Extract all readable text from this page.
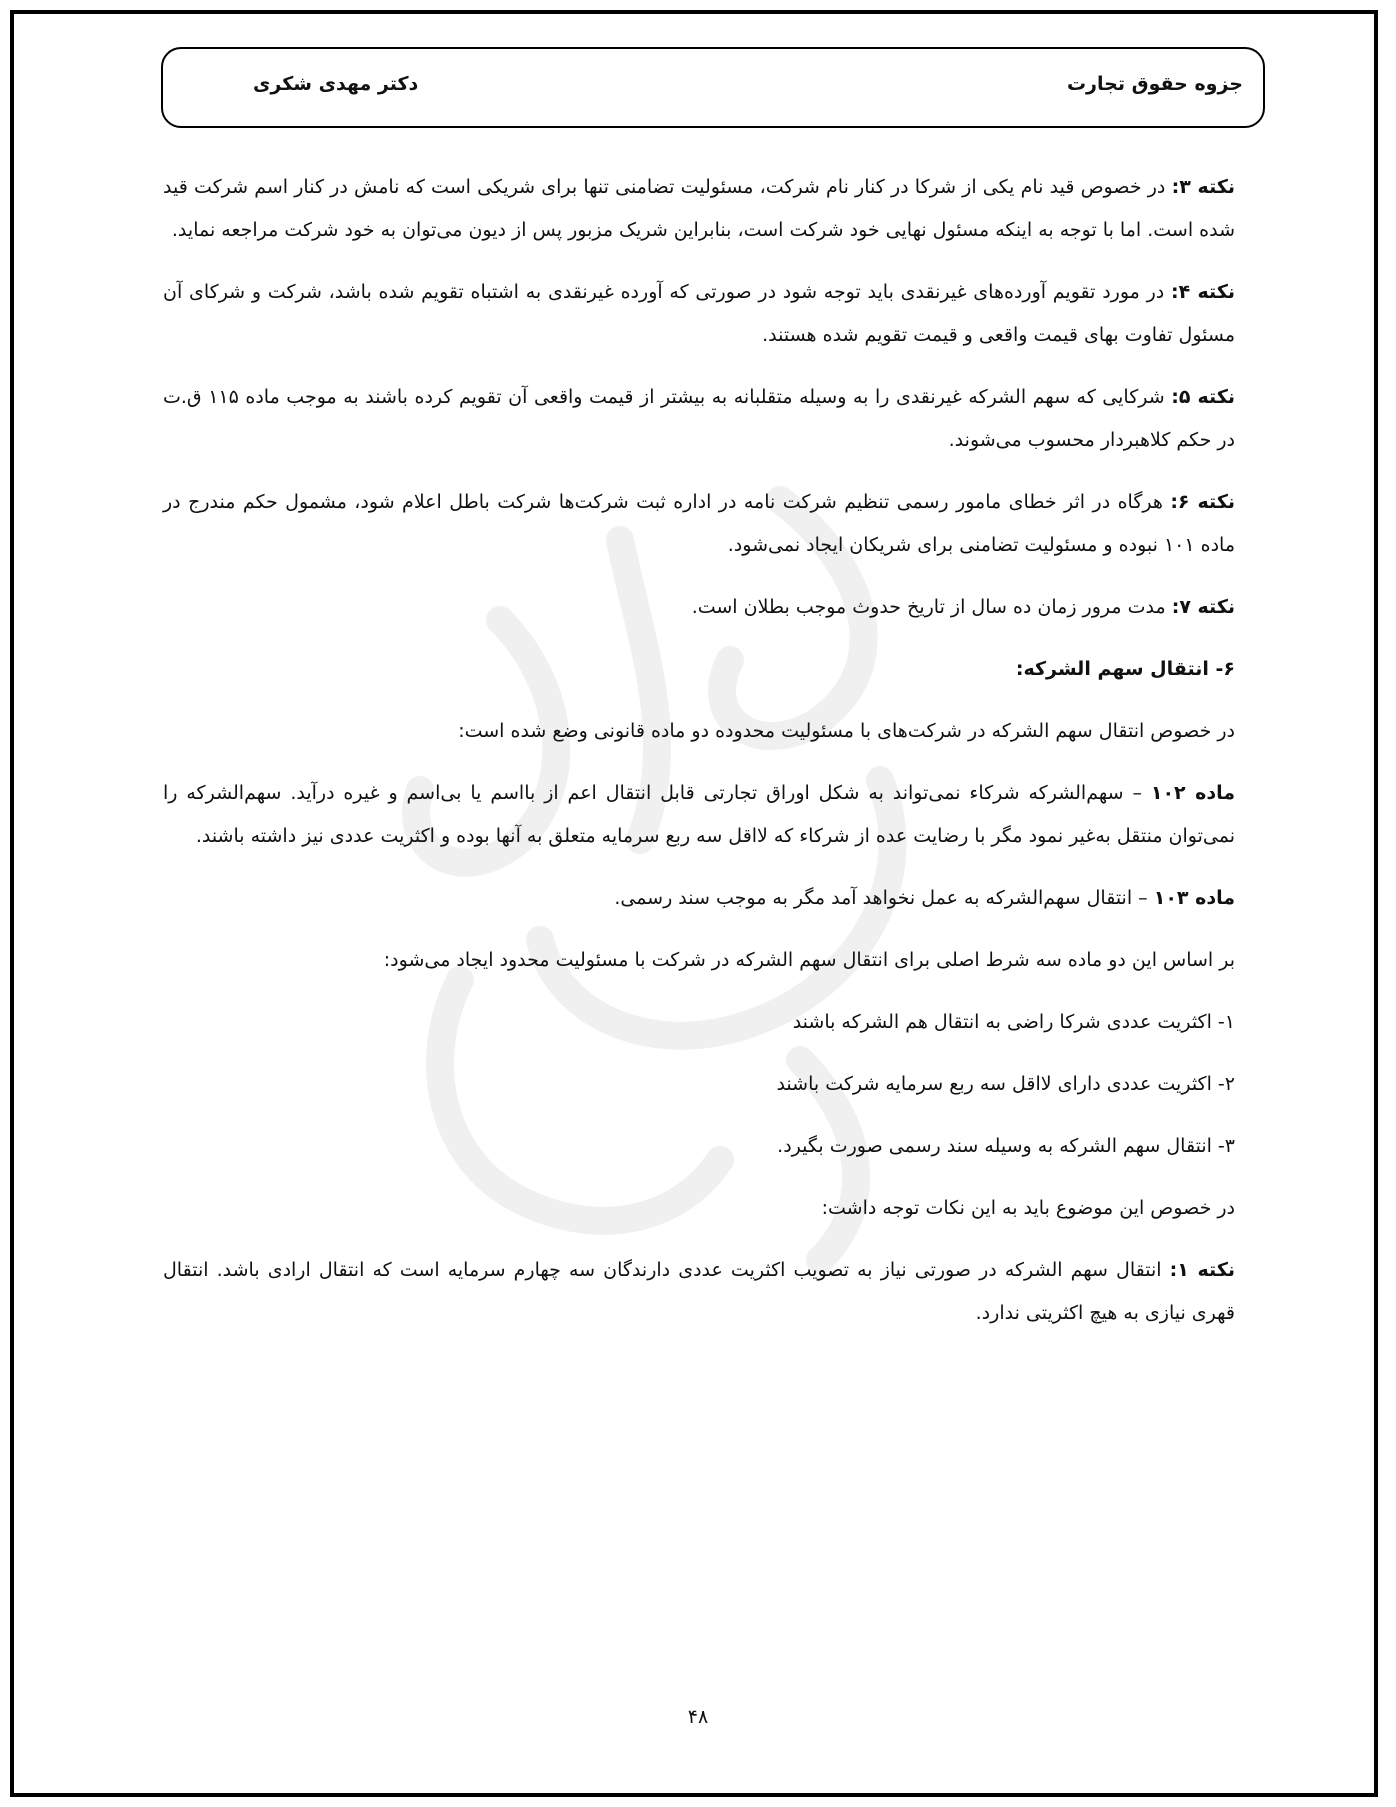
جزوه حقوق تجارت
دکتر مهدی شکری

نکته ۳: در خصوص قید نام یکی از شرکا در کنار نام شرکت، مسئولیت تضامنی تنها برای شریکی است که نامش در کنار اسم شرکت قید شده است. اما با توجه به اینکه مسئول نهایی خود شرکت است، بنابراین شریک مزبور پس از دیون می‌توان به خود شرکت مراجعه نماید.

نکته ۴: در مورد تقویم آورده‌های غیرنقدی باید توجه شود در صورتی که آورده غیرنقدی به اشتباه تقویم شده باشد، شرکت و شرکای آن مسئول تفاوت بهای قیمت واقعی و قیمت تقویم شده هستند.

نکته ۵: شرکایی که سهم الشرکه غیرنقدی را به وسیله متقلبانه به بیشتر از قیمت واقعی آن تقویم کرده باشند به موجب ماده ۱۱۵ ق.ت در حکم کلاهبردار محسوب می‌شوند.

نکته ۶: هرگاه در اثر خطای مامور رسمی تنظیم شرکت نامه در اداره ثبت شرکت‌ها شرکت باطل اعلام شود، مشمول حکم مندرج در ماده ۱۰۱ نبوده و مسئولیت تضامنی برای شریکان ایجاد نمی‌شود.

نکته ۷: مدت مرور زمان ده سال از تاریخ حدوث موجب بطلان است.

۶- انتقال سهم الشرکه:

در خصوص انتقال سهم الشرکه در شرکت‌های با مسئولیت محدوده دو ماده قانونی وضع شده است:

ماده ۱۰۲ – سهم‌الشرکه شرکاء نمی‌تواند به شکل اوراق تجارتی قابل انتقال اعم از بااسم یا بی‌اسم و غیره درآید. سهم‌الشرکه را نمی‌توان منتقل به‌غیر نمود مگر با رضایت عده از شرکاء که لااقل سه ربع سرمایه متعلق به آنها بوده و اکثریت عددی نیز داشته باشند.

ماده ۱۰۳ – انتقال سهم‌الشرکه به عمل نخواهد آمد مگر به موجب سند رسمی.

بر اساس این دو ماده سه شرط اصلی برای انتقال سهم الشرکه در شرکت با مسئولیت محدود ایجاد می‌شود:

۱- اکثریت عددی شرکا راضی به انتقال هم الشرکه باشند

۲- اکثریت عددی دارای لااقل سه ربع سرمایه شرکت باشند

۳- انتقال سهم الشرکه به وسیله سند رسمی صورت بگیرد.

در خصوص این موضوع باید به این نکات توجه داشت:

نکته ۱: انتقال سهم الشرکه در صورتی نیاز به تصویب اکثریت عددی دارندگان سه چهارم سرمایه است که انتقال ارادی باشد. انتقال قهری نیازی به هیچ اکثریتی ندارد.

۴۸
